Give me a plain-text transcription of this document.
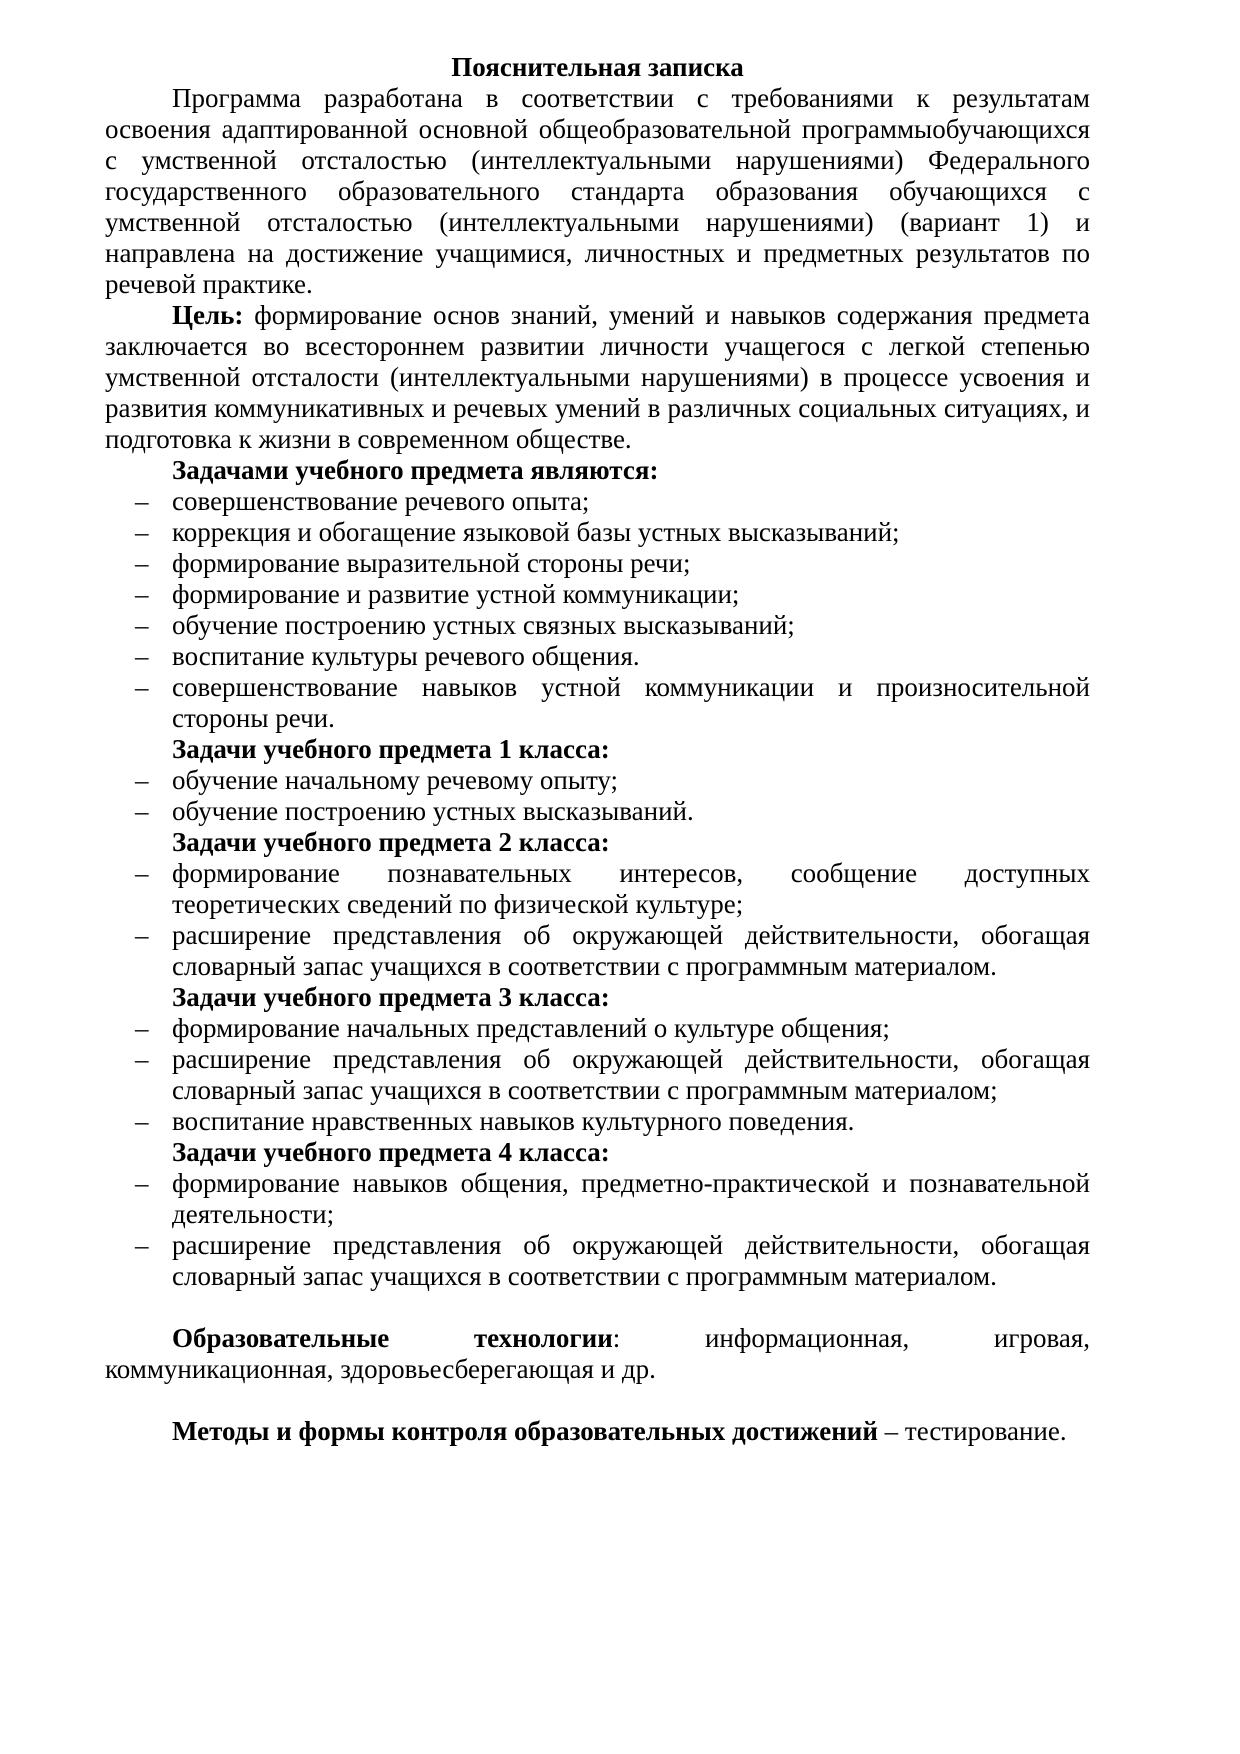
Пояснительная записка

Программа разработана в соответствии с требованиями к результатам освоения адаптированной основной общеобразовательной программыобучающихся с умственной отсталостью (интеллектуальными нарушениями) Федерального государственного образовательного стандарта образования обучающихся с умственной отсталостью (интеллектуальными нарушениями) (вариант 1) и направлена на достижение учащимися, личностных и предметных результатов по речевой практике.

Цель: формирование основ знаний, умений и навыков содержания предмета заключается во всестороннем развитии личности учащегося с легкой степенью умственной отсталости (интеллектуальными нарушениями) в процессе усвоения и развития коммуникативных и речевых умений в различных социальных ситуациях, и подготовка к жизни в современном обществе.

Задачами учебного предмета являются:

– совершенствование речевого опыта;
– коррекция и обогащение языковой базы устных высказываний;
– формирование выразительной стороны речи;
– формирование и развитие устной коммуникации;
– обучение построению устных связных высказываний;
– воспитание культуры речевого общения.
– совершенствование навыков устной коммуникации и произносительной стороны речи.

Задачи учебного предмета 1 класса:

– обучение начальному речевому опыту;
– обучение построению устных высказываний.

Задачи учебного предмета 2 класса:

– формирование познавательных интересов, сообщение доступных теоретических сведений по физической культуре;
– расширение представления об окружающей действительности, обогащая словарный запас учащихся в соответствии с программным материалом.

Задачи учебного предмета 3 класса:

– формирование начальных представлений о культуре общения;
– расширение представления об окружающей действительности, обогащая словарный запас учащихся в соответствии с программным материалом;
– воспитание нравственных навыков культурного поведения.

Задачи учебного предмета 4 класса:

– формирование навыков общения, предметно-практической и познавательной деятельности;
– расширение представления об окружающей действительности, обогащая словарный запас учащихся в соответствии с программным материалом.

Образовательные технологии: информационная, игровая, коммуникационная, здоровьесберегающая и др.

Методы и формы контроля образовательных достижений – тестирование.
